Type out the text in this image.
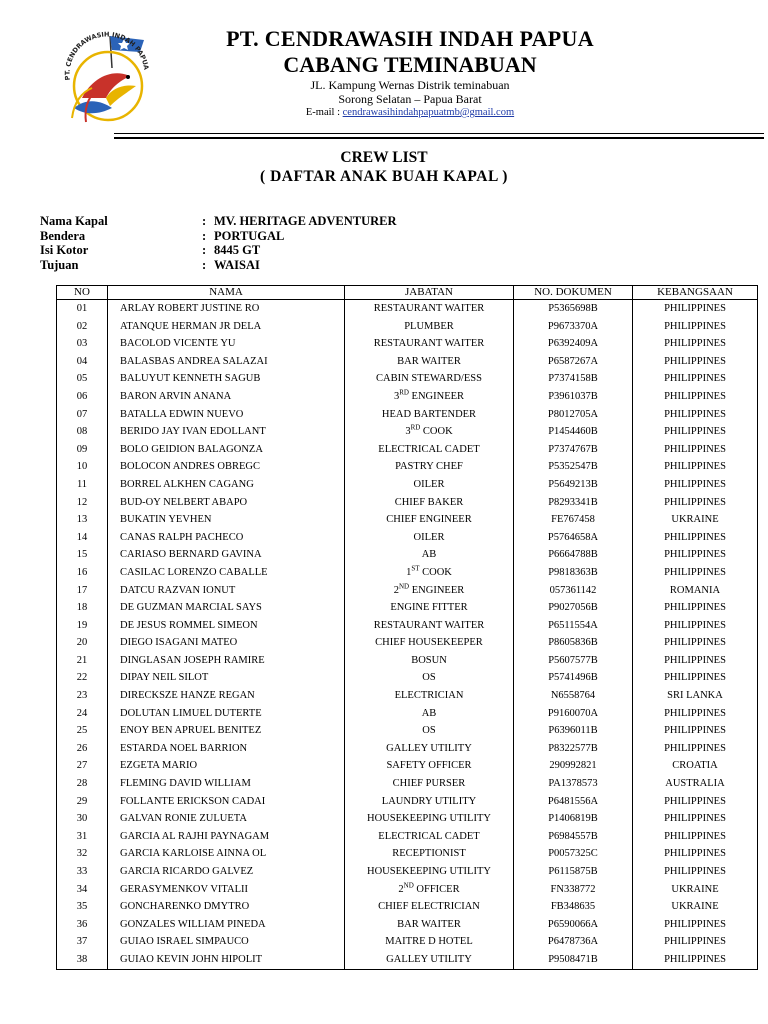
PT. CENDRAWASIH INDAH PAPUA
PT. CENDRAWASIH INDAH PAPUA
CABANG TEMINABUAN
JL. Kampung Wernas Distrik teminabuan
Sorong Selatan – Papua Barat
E-mail : cendrawasihindahpapuatmb@gmail.com
CREW LIST
( DAFTAR ANAK BUAH KAPAL )
Nama Kapal	: MV. HERITAGE ADVENTURER
Bendera	: PORTUGAL
Isi Kotor	: 8445 GT
Tujuan	: WAISAI
NO	NAMA	JABATAN	NO. DOKUMEN	KEBANGSAAN
01	ARLAY ROBERT JUSTINE RO	RESTAURANT WAITER	P5365698B	PHILIPPINES
02	ATANQUE HERMAN JR DELA	PLUMBER	P9673370A	PHILIPPINES
03	BACOLOD VICENTE YU	RESTAURANT WAITER	P6392409A	PHILIPPINES
04	BALASBAS ANDREA SALAZAI	BAR WAITER	P6587267A	PHILIPPINES
05	BALUYUT KENNETH SAGUB	CABIN STEWARD/ESS	P7374158B	PHILIPPINES
06	BARON ARVIN ANANA	3RD ENGINEER	P3961037B	PHILIPPINES
07	BATALLA EDWIN NUEVO	HEAD BARTENDER	P8012705A	PHILIPPINES
08	BERIDO JAY IVAN EDOLLANT	3RD COOK	P1454460B	PHILIPPINES
09	BOLO GEIDION BALAGONZA	ELECTRICAL CADET	P7374767B	PHILIPPINES
10	BOLOCON ANDRES OBREGC	PASTRY CHEF	P5352547B	PHILIPPINES
11	BORREL ALKHEN CAGANG	OILER	P5649213B	PHILIPPINES
12	BUD-OY NELBERT ABAPO	CHIEF BAKER	P8293341B	PHILIPPINES
13	BUKATIN YEVHEN	CHIEF ENGINEER	FE767458	UKRAINE
14	CANAS RALPH PACHECO	OILER	P5764658A	PHILIPPINES
15	CARIASO BERNARD GAVINA	AB	P6664788B	PHILIPPINES
16	CASILAC LORENZO CABALLE	1ST COOK	P9818363B	PHILIPPINES
17	DATCU RAZVAN IONUT	2ND ENGINEER	057361142	ROMANIA
18	DE GUZMAN MARCIAL SAYS	ENGINE FITTER	P9027056B	PHILIPPINES
19	DE JESUS ROMMEL SIMEON	RESTAURANT WAITER	P6511554A	PHILIPPINES
20	DIEGO ISAGANI MATEO	CHIEF HOUSEKEEPER	P8605836B	PHILIPPINES
21	DINGLASAN JOSEPH RAMIRE	BOSUN	P5607577B	PHILIPPINES
22	DIPAY NEIL SILOT	OS	P5741496B	PHILIPPINES
23	DIRECKSZE HANZE REGAN	ELECTRICIAN	N6558764	SRI LANKA
24	DOLUTAN LIMUEL DUTERTE	AB	P9160070A	PHILIPPINES
25	ENOY BEN APRUEL BENITEZ	OS	P6396011B	PHILIPPINES
26	ESTARDA NOEL BARRION	GALLEY UTILITY	P8322577B	PHILIPPINES
27	EZGETA MARIO	SAFETY OFFICER	290992821	CROATIA
28	FLEMING DAVID WILLIAM	CHIEF PURSER	PA1378573	AUSTRALIA
29	FOLLANTE ERICKSON CADAI	LAUNDRY UTILITY	P6481556A	PHILIPPINES
30	GALVAN RONIE ZULUETA	HOUSEKEEPING UTILITY	P1406819B	PHILIPPINES
31	GARCIA AL RAJHI PAYNAGAM	ELECTRICAL CADET	P6984557B	PHILIPPINES
32	GARCIA KARLOISE AINNA OL	RECEPTIONIST	P0057325C	PHILIPPINES
33	GARCIA RICARDO GALVEZ	HOUSEKEEPING UTILITY	P6115875B	PHILIPPINES
34	GERASYMENKOV VITALII	2ND OFFICER	FN338772	UKRAINE
35	GONCHARENKO DMYTRO	CHIEF ELECTRICIAN	FB348635	UKRAINE
36	GONZALES WILLIAM PINEDA	BAR WAITER	P6590066A	PHILIPPINES
37	GUIAO ISRAEL SIMPAUCO	MAITRE D HOTEL	P6478736A	PHILIPPINES
38	GUIAO KEVIN JOHN HIPOLIT	GALLEY UTILITY	P9508471B	PHILIPPINES
